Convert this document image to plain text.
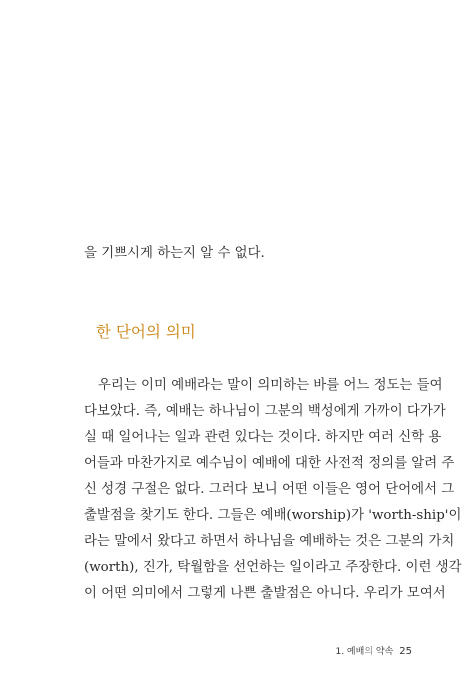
을 기쁘시게 하는지 알 수 없다.
한 단어의 의미
우리는 이미 예배라는 말이 의미하는 바를 어느 정도는 들여
다보았다. 즉, 예배는 하나님이 그분의 백성에게 가까이 다가가
실 때 일어나는 일과 관련 있다는 것이다. 하지만 여러 신학 용
어들과 마찬가지로 예수님이 예배에 대한 사전적 정의를 알려 주
신 성경 구절은 없다. 그러다 보니 어떤 이들은 영어 단어에서 그
출발점을 찾기도 한다. 그들은 예배(worship)가 'worth-ship'이
라는 말에서 왔다고 하면서 하나님을 예배하는 것은 그분의 가치
(worth), 진가, 탁월함을 선언하는 일이라고 주장한다. 이런 생각
이 어떤 의미에서 그렇게 나쁜 출발점은 아니다. 우리가 모여서
1. 예배의 약속 25
